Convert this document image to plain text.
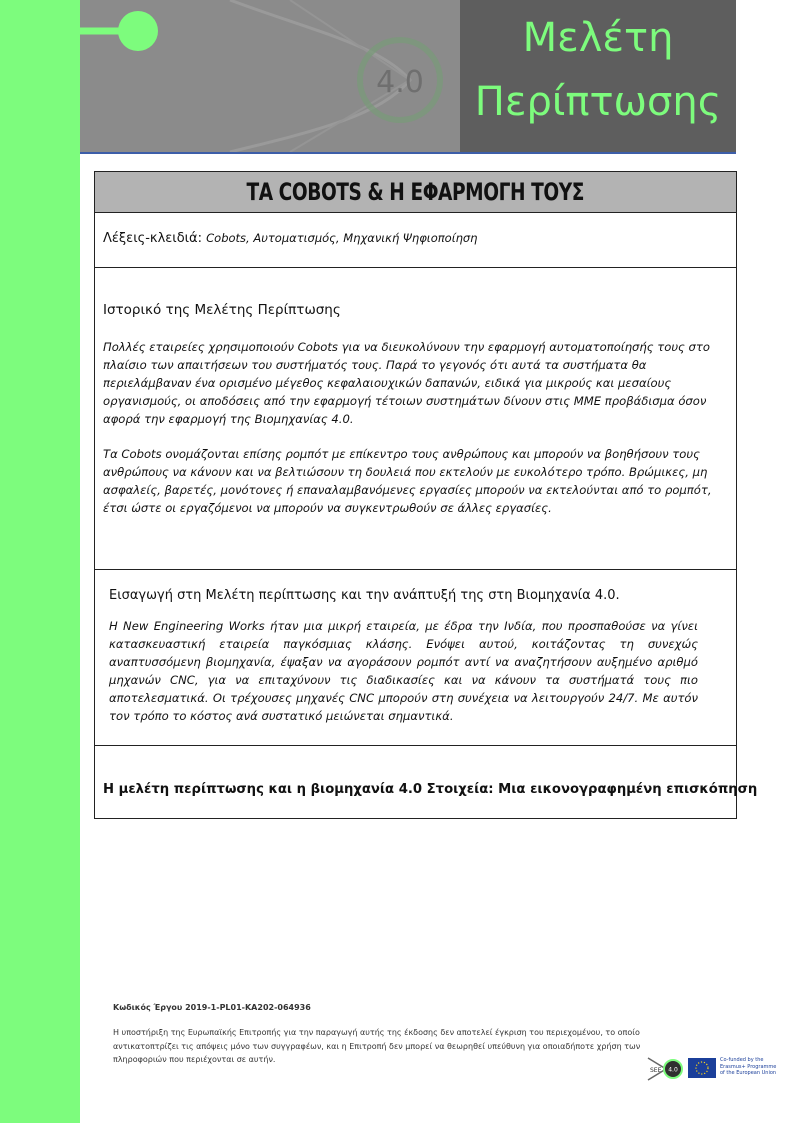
4.0
Μελέτη
Περίπτωσης
ΤΑ COBOTS & Η ΕΦΑΡΜΟΓΗ ΤΟΥΣ
Λέξεις-κλειδιά: Cobots, Αυτοματισμός, Μηχανική Ψηφιοποίηση
Ιστορικό της Μελέτης Περίπτωσης

Πολλές εταιρείες χρησιμοποιούν Cobots για να διευκολύνουν την εφαρμογή αυτοματοποίησής τους στο πλαίσιο των απαιτήσεων του συστήματός τους. Παρά το γεγονός ότι αυτά τα συστήματα θα περιελάμβαναν ένα ορισμένο μέγεθος κεφαλαιουχικών δαπανών, ειδικά για μικρούς και μεσαίους οργανισμούς, οι αποδόσεις από την εφαρμογή τέτοιων συστημάτων δίνουν στις ΜΜΕ προβάδισμα όσον αφορά την εφαρμογή της Βιομηχανίας 4.0.

Τα Cobots ονομάζονται επίσης ρομπότ με επίκεντρο τους ανθρώπους και μπορούν να βοηθήσουν τους ανθρώπους να κάνουν και να βελτιώσουν τη δουλειά που εκτελούν με ευκολότερο τρόπο. Βρώμικες, μη ασφαλείς, βαρετές, μονότονες ή επαναλαμβανόμενες εργασίες μπορούν να εκτελούνται από το ρομπότ, έτσι ώστε οι εργαζόμενοι να μπορούν να συγκεντρωθούν σε άλλες εργασίες.

Εισαγωγή στη Μελέτη περίπτωσης και την ανάπτυξή της στη Βιομηχανία 4.0.

Η New Engineering Works ήταν μια μικρή εταιρεία, με έδρα την Ινδία, που προσπαθούσε να γίνει κατασκευαστική εταιρεία παγκόσμιας κλάσης. Ενόψει αυτού, κοιτάζοντας τη συνεχώς αναπτυσσόμενη βιομηχανία, έψαξαν να αγοράσουν ρομπότ αντί να αναζητήσουν αυξημένο αριθμό μηχανών CNC, για να επιταχύνουν τις διαδικασίες και να κάνουν τα συστήματά τους πιο αποτελεσματικά. Οι τρέχουσες μηχανές CNC μπορούν στη συνέχεια να λειτουργούν 24/7. Με αυτόν τον τρόπο το κόστος ανά συστατικό μειώνεται σημαντικά.

Η μελέτη περίπτωσης και η βιομηχανία 4.0 Στοιχεία: Μια εικονογραφημένη επισκόπηση
Κωδικός Έργου 2019-1-PL01-KA202-064936
Η υποστήριξη της Ευρωπαϊκής Επιτροπής για την παραγωγή αυτής της έκδοσης δεν αποτελεί έγκριση του περιεχομένου, το οποίο αντικατοπτρίζει τις απόψεις μόνο των συγγραφέων, και η Επιτροπή δεν μπορεί να θεωρηθεί υπεύθυνη για οποιαδήποτε χρήση των πληροφοριών που περιέχονται σε αυτήν.
SEE 4.0
Co-funded by the Erasmus+ Programme of the European Union
